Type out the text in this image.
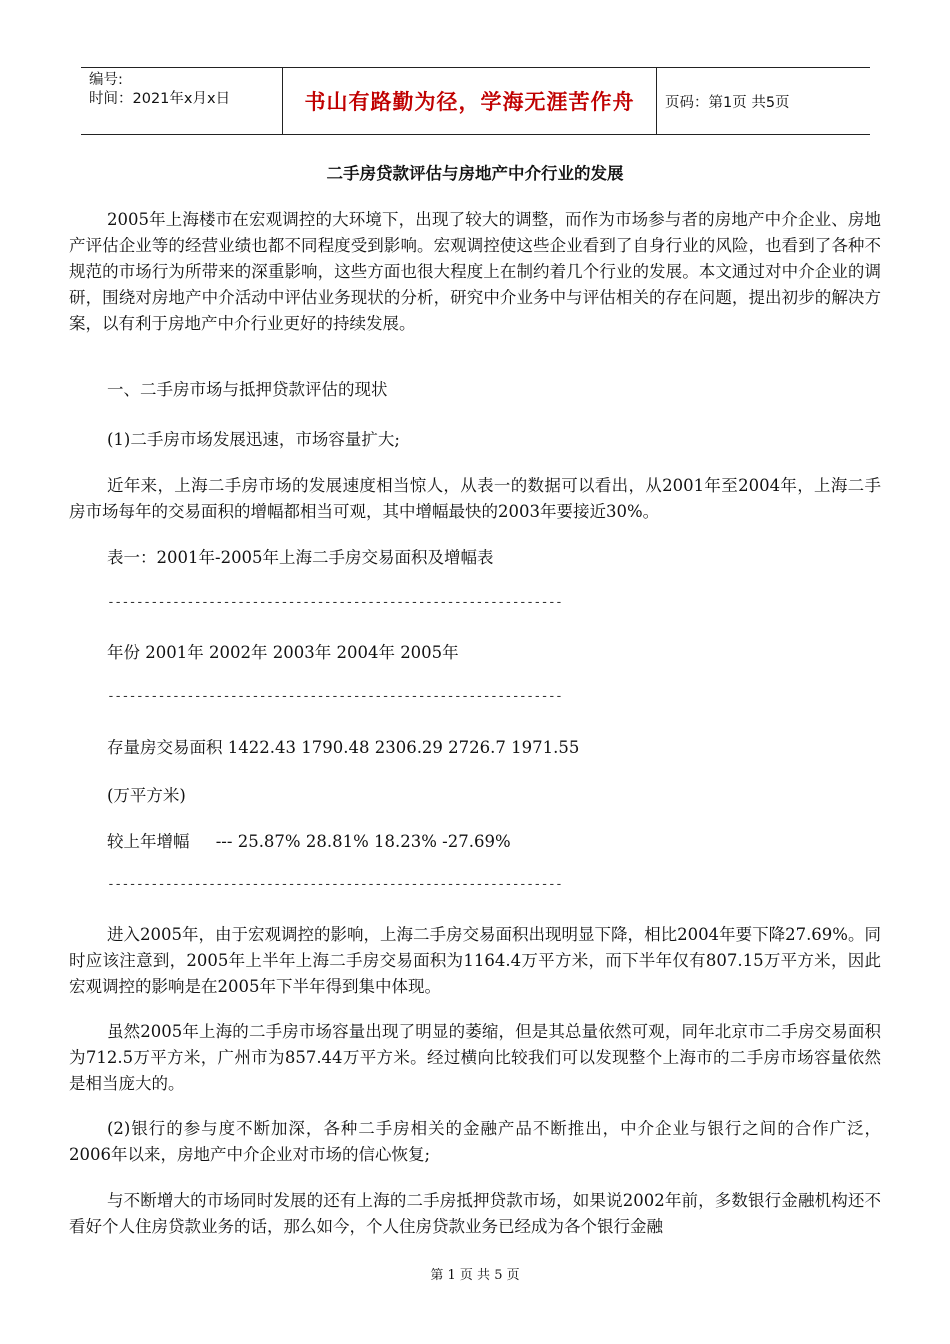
编号:
时间：2021年x月x日	书山有路勤为径，学海无涯苦作舟	页码：第1页 共5页
二手房贷款评估与房地产中介行业的发展
2005年上海楼市在宏观调控的大环境下，出现了较大的调整，而作为市场参与者的房地产中介企业、房地产评估企业等的经营业绩也都不同程度受到影响。宏观调控使这些企业看到了自身行业的风险，也看到了各种不规范的市场行为所带来的深重影响，这些方面也很大程度上在制约着几个行业的发展。本文通过对中介企业的调研，围绕对房地产中介活动中评估业务现状的分析，研究中介业务中与评估相关的存在问题，提出初步的解决方案，以有利于房地产中介行业更好的持续发展。
一、二手房市场与抵押贷款评估的现状
(1)二手房市场发展迅速，市场容量扩大;
近年来，上海二手房市场的发展速度相当惊人，从表一的数据可以看出，从2001年至2004年，上海二手房市场每年的交易面积的增幅都相当可观，其中增幅最快的2003年要接近30%。
表一：2001年-2005年上海二手房交易面积及增幅表
---------------------------------------------------------------
年份 2001年 2002年 2003年 2004年 2005年
---------------------------------------------------------------
存量房交易面积 1422.43 1790.48 2306.29 2726.7 1971.55
(万平方米)
较上年增幅     --- 25.87% 28.81% 18.23% -27.69%
---------------------------------------------------------------
进入2005年，由于宏观调控的影响，上海二手房交易面积出现明显下降，相比2004年要下降27.69%。同时应该注意到，2005年上半年上海二手房交易面积为1164.4万平方米，而下半年仅有807.15万平方米，因此宏观调控的影响是在2005年下半年得到集中体现。
虽然2005年上海的二手房市场容量出现了明显的萎缩，但是其总量依然可观，同年北京市二手房交易面积为712.5万平方米，广州市为857.44万平方米。经过横向比较我们可以发现整个上海市的二手房市场容量依然是相当庞大的。
(2)银行的参与度不断加深，各种二手房相关的金融产品不断推出，中介企业与银行之间的合作广泛，2006年以来，房地产中介企业对市场的信心恢复;
与不断增大的市场同时发展的还有上海的二手房抵押贷款市场，如果说2002年前，多数银行金融机构还不看好个人住房贷款业务的话，那么如今，个人住房贷款业务已经成为各个银行金融
第 1 页 共 5 页
